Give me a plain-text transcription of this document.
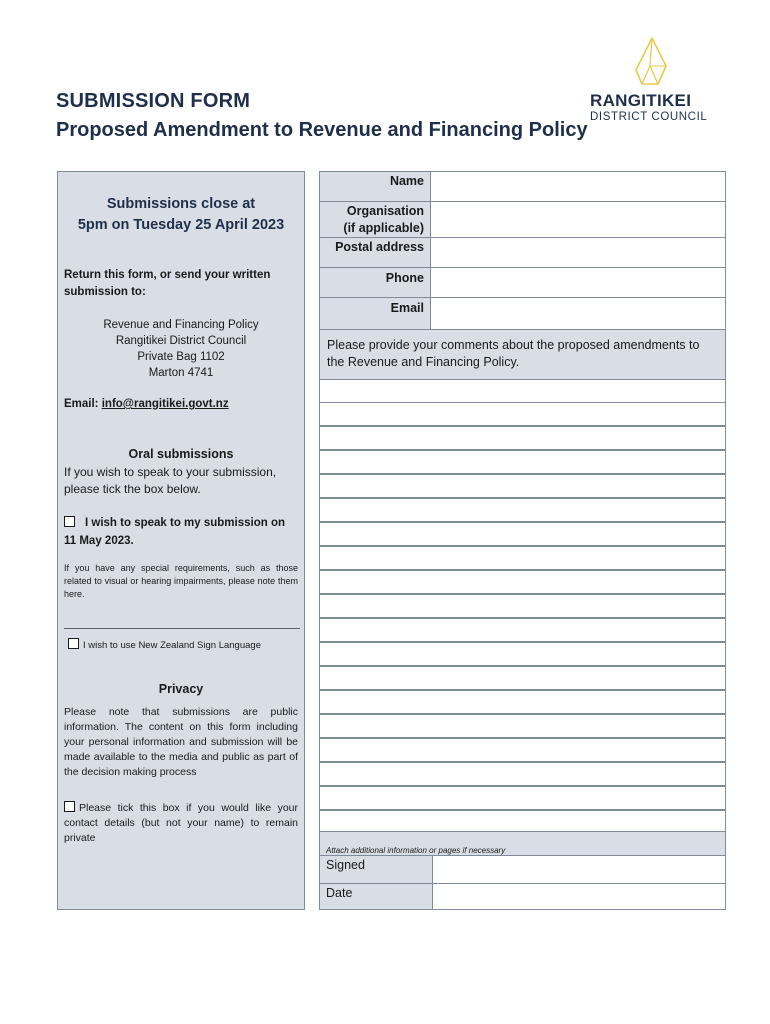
SUBMISSION FORM
Proposed Amendment to Revenue and Financing Policy
RANGITIKEI
DISTRICT COUNCIL
Submissions close at
5pm on Tuesday 25 April 2023
Return this form, or send your written submission to:
Revenue and Financing Policy
Rangitikei District Council
Private Bag 1102
Marton 4741
Email: info@rangitikei.govt.nz
Oral submissions
If you wish to speak to your submission, please tick the box below.
I wish to speak to my submission on 11 May 2023.
If you have any special requirements, such as those related to visual or hearing impairments, please note them here.
I wish to use New Zealand Sign Language
Privacy
Please note that submissions are public information. The content on this form including your personal information and submission will be made available to the media and public as part of the decision making process
Please tick this box if you would like your contact details (but not your name) to remain private
Name
Organisation
(if applicable)
Postal address
Phone
Email
Please provide your comments about the proposed amendments to the Revenue and Financing Policy.
Attach additional information or pages if necessary
Signed
Date
